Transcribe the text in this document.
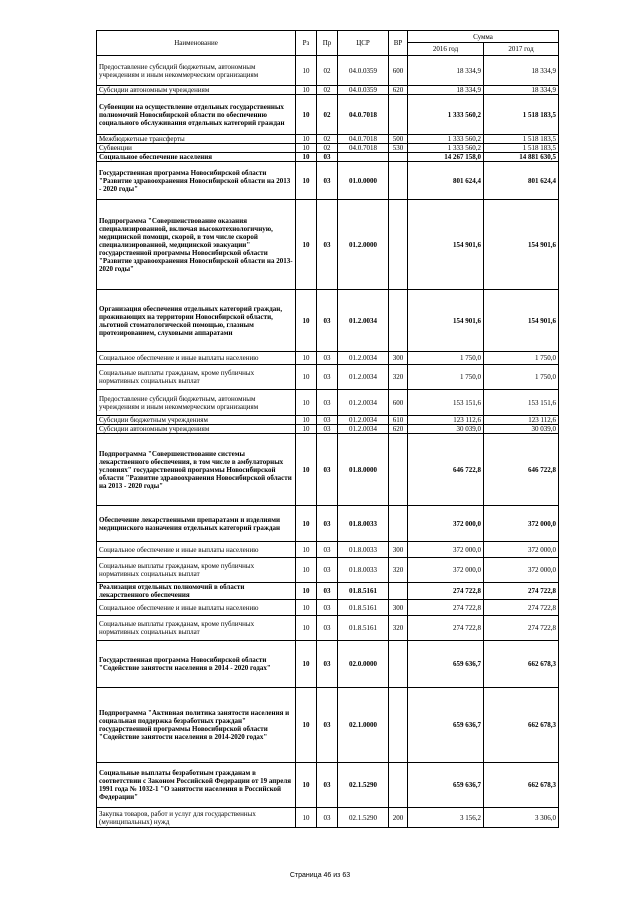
Наименование	Рз	Пр	ЦСР	ВР	Сумма	
					2016 год	2017 год
Предоставление субсидий бюджетным, автономным учреждениям и иным некоммерческим организациям	10	02	04.0.0359	600	18 334,9	18 334,9
Субсидии автономным учреждениям	10	02	04.0.0359	620	18 334,9	18 334,9
Субвенции на осуществление отдельных государственных полномочий Новосибирской области по обеспечению социального обслуживания отдельных категорий граждан	10	02	04.0.7018		1 333 560,2	1 518 183,5
Межбюджетные трансферты	10	02	04.0.7018	500	1 333 560,2	1 518 183,5
Субвенции	10	02	04.0.7018	530	1 333 560,2	1 518 183,5
Социальное обеспечение населения	10	03			14 267 158,0	14 881 630,5
Государственная программа Новосибирской области "Развитие здравоохранения Новосибирской области на 2013 - 2020 годы"	10	03	01.0.0000		801 624,4	801 624,4
Подпрограмма "Совершенствование оказания специализированной, включая высокотехнологичную, медицинской помощи, скорой, в том числе скорой специализированной, медицинской эвакуации" государственной программы Новосибирской области "Развитие здравоохранения Новосибирской области на 2013-2020 годы"	10	03	01.2.0000		154 901,6	154 901,6
Организация обеспечения отдельных категорий граждан, проживающих на территории Новосибирской области, льготной стоматологической помощью, глазным протезированием, слуховыми аппаратами	10	03	01.2.0034		154 901,6	154 901,6
Социальное обеспечение и иные выплаты населению	10	03	01.2.0034	300	1 750,0	1 750,0
Социальные выплаты гражданам, кроме публичных нормативных социальных выплат	10	03	01.2.0034	320	1 750,0	1 750,0
Предоставление субсидий бюджетным, автономным учреждениям и иным некоммерческим организациям	10	03	01.2.0034	600	153 151,6	153 151,6
Субсидии бюджетным учреждениям	10	03	01.2.0034	610	123 112,6	123 112,6
Субсидии автономным учреждениям	10	03	01.2.0034	620	30 039,0	30 039,0
Подпрограмма "Совершенствование системы лекарственного обеспечения, в том числе в амбулаторных условиях" государственной программы Новосибирской области "Развитие здравоохранения Новосибирской области на 2013 - 2020 годы"	10	03	01.8.0000		646 722,8	646 722,8
Обеспечение лекарственными препаратами и изделиями медицинского назначения отдельных категорий граждан	10	03	01.8.0033		372 000,0	372 000,0
Социальное обеспечение и иные выплаты населению	10	03	01.8.0033	300	372 000,0	372 000,0
Социальные выплаты гражданам, кроме публичных нормативных социальных выплат	10	03	01.8.0033	320	372 000,0	372 000,0
Реализация отдельных полномочий в области лекарственного обеспечения	10	03	01.8.5161		274 722,8	274 722,8
Социальное обеспечение и иные выплаты населению	10	03	01.8.5161	300	274 722,8	274 722,8
Социальные выплаты гражданам, кроме публичных нормативных социальных выплат	10	03	01.8.5161	320	274 722,8	274 722,8
Государственная программа Новосибирской области "Содействие занятости населения в 2014 - 2020 годах"	10	03	02.0.0000		659 636,7	662 678,3
Подпрограмма "Активная политика занятости населения и социальная поддержка безработных граждан" государственной программы Новосибирской области "Содействие занятости населения в 2014-2020 годах"	10	03	02.1.0000		659 636,7	662 678,3
Социальные выплаты безработным гражданам в соответствии с Законом Российской Федерации от 19 апреля 1991 года № 1032-1 "О занятости населения в Российской Федерации"	10	03	02.1.5290		659 636,7	662 678,3
Закупка товаров, работ и услуг для государственных (муниципальных) нужд	10	03	02.1.5290	200	3 156,2	3 306,0
Страница 46 из 63
